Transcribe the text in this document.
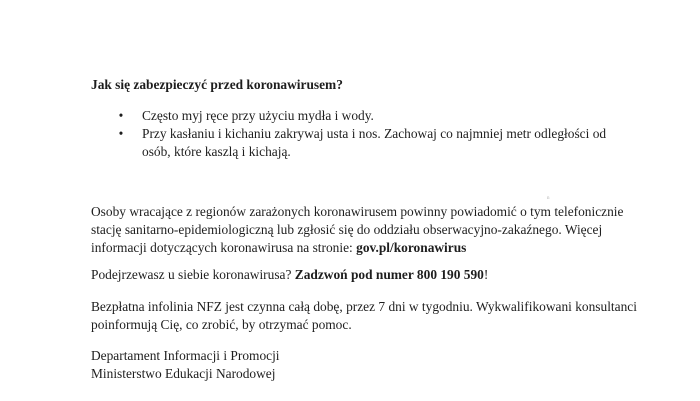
Jak się zabezpieczyć przed koronawirusem?

•
Często myj ręce przy użyciu mydła i wody.
•
Przy kasłaniu i kichaniu zakrywaj usta i nos. Zachowaj co najmniej metr odległości od osób, które kaszlą i kichają.
ⁿ

Osoby wracające z regionów zarażonych koronawirusem powinny powiadomić o tym telefonicznie stację sanitarno-epidemiologiczną lub zgłosić się do oddziału obserwacyjno-zakaźnego. Więcej informacji dotyczących koronawirusa na stronie: gov.pl/koronawirus

Podejrzewasz u siebie koronawirusa? Zadzwoń pod numer 800 190 590!

Bezpłatna infolinia NFZ jest czynna całą dobę, przez 7 dni w tygodniu. Wykwalifikowani konsultanci poinformują Cię, co zrobić, by otrzymać pomoc.

Departament Informacji i Promocji
Ministerstwo Edukacji Narodowej
